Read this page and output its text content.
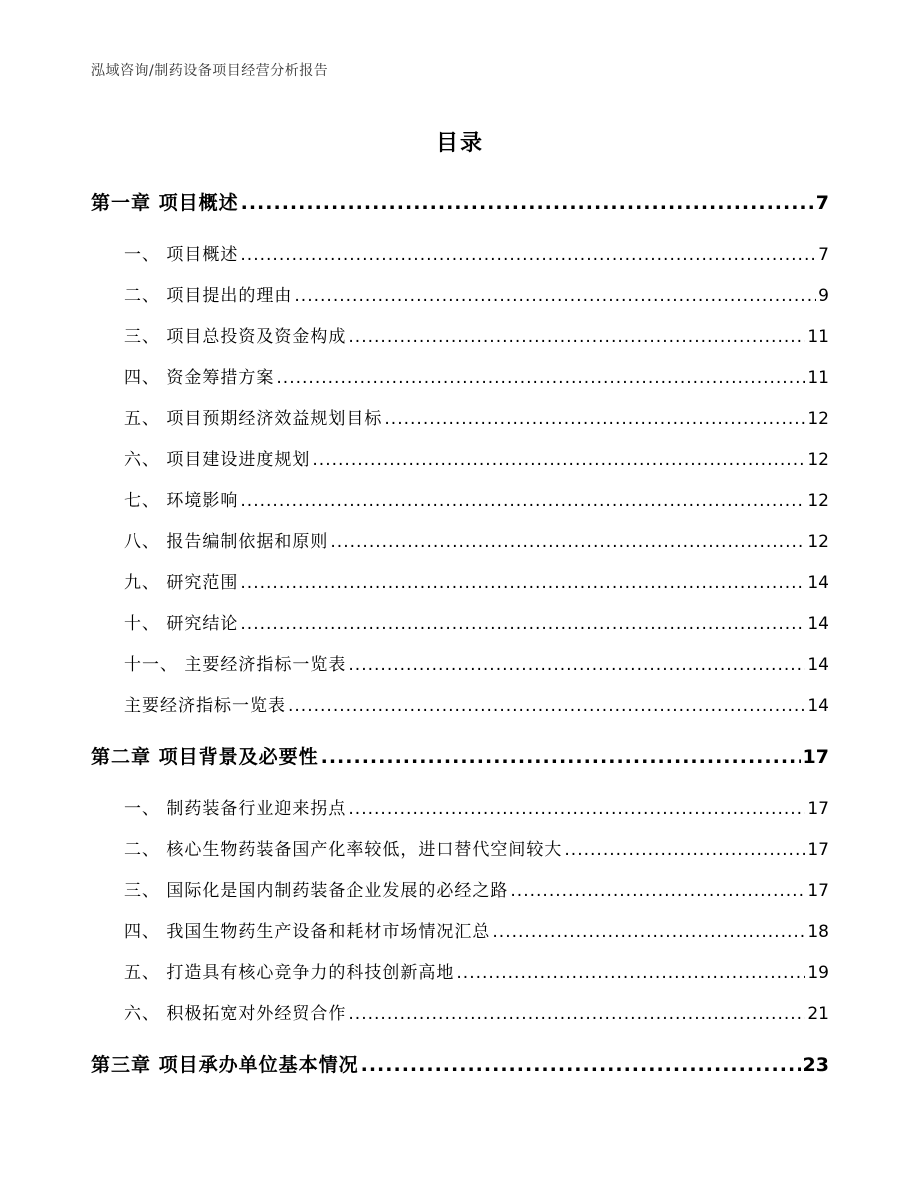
泓域咨询/制药设备项目经营分析报告
目录
第一章 项目概述 .....	7
一、 项目概述 .....	7
二、 项目提出的理由 .....	9
三、 项目总投资及资金构成 .....	11
四、 资金筹措方案 .....	11
五、 项目预期经济效益规划目标 .....	12
六、 项目建设进度规划 .....	12
七、 环境影响 .....	12
八、 报告编制依据和原则 .....	12
九、 研究范围 .....	14
十、 研究结论 .....	14
十一、 主要经济指标一览表 .....	14
主要经济指标一览表 .....	14
第二章 项目背景及必要性 .....	17
一、 制药装备行业迎来拐点 .....	17
二、 核心生物药装备国产化率较低，进口替代空间较大 .....	17
三、 国际化是国内制药装备企业发展的必经之路 .....	17
四、 我国生物药生产设备和耗材市场情况汇总 .....	18
五、 打造具有核心竞争力的科技创新高地 .....	19
六、 积极拓宽对外经贸合作 .....	21
第三章 项目承办单位基本情况 .....	23
